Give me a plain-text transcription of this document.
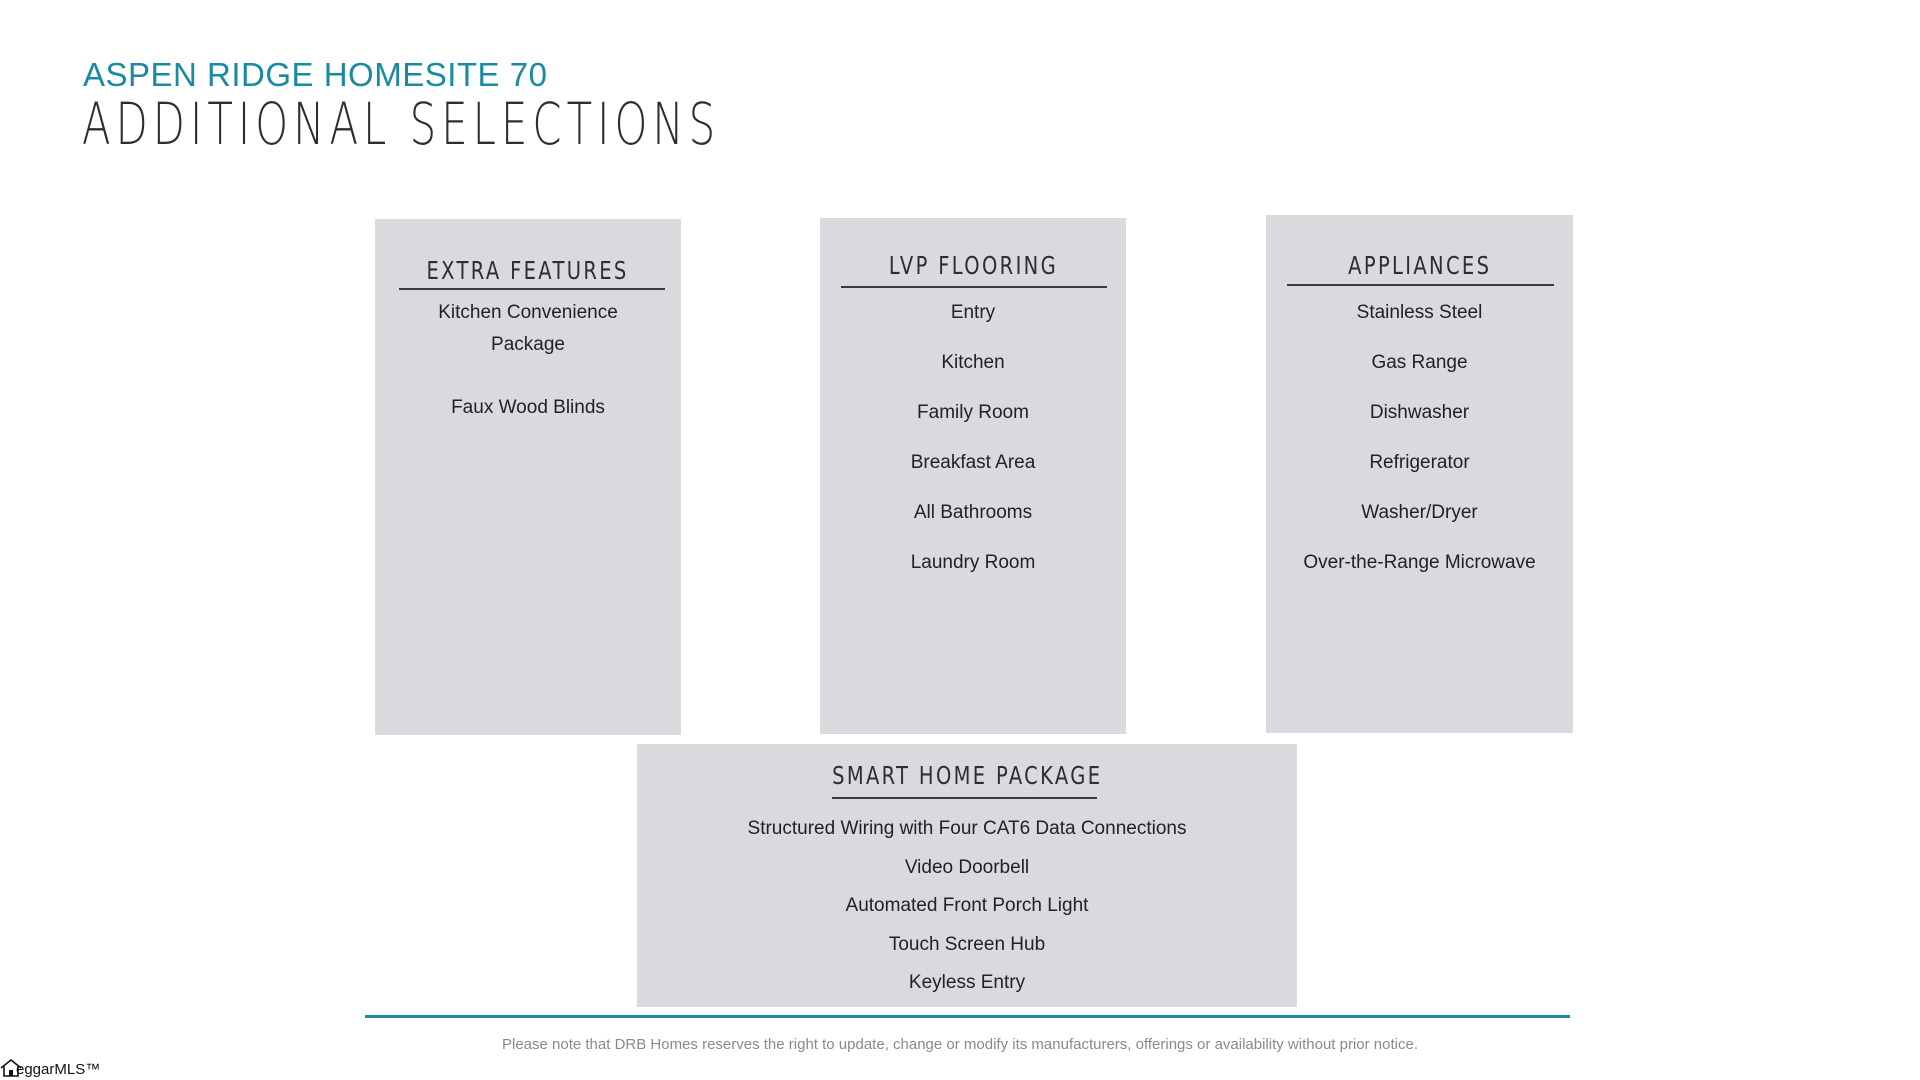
ASPEN RIDGE HOMESITE 70
ADDITIONAL SELECTIONS
EXTRA FEATURES
Kitchen Convenience
Package
Faux Wood Blinds
LVP FLOORING
Entry
Kitchen
Family Room
Breakfast Area
All Bathrooms
Laundry Room
APPLIANCES
Stainless Steel
Gas Range
Dishwasher
Refrigerator
Washer/Dryer
Over-the-Range Microwave
SMART HOME PACKAGE
Structured Wiring with Four CAT6 Data Connections
Video Doorbell
Automated Front Porch Light
Touch Screen Hub
Keyless Entry
Please note that DRB Homes reserves the right to update, change or modify its manufacturers, offerings or availability without prior notice.
eggarMLS™
